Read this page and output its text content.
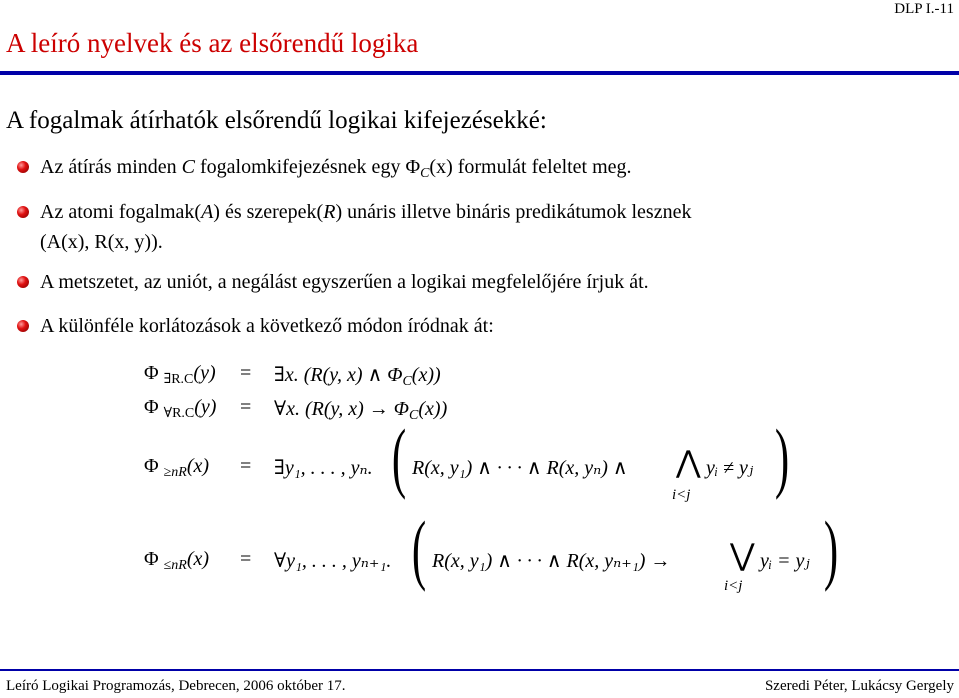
DLP I.-11
A leíró nyelvek és az elsőrendű logika
A fogalmak átírhatók elsőrendű logikai kifejezésekké:
Az átírás minden C fogalomkifejezésnek egy $\Phi_C(x)$ formulát feleltet meg.
Az atomi fogalmak(A) és szerepek(R) unáris illetve bináris predikátumok lesznek
(A(x), R(x, y)).
A metszetet, az uniót, a negálást egyszerűen a logikai megfelelőjére írjuk át.
A különféle korlátozások a következő módon íródnak át:
Φ $_{\exists R.C}$(y) = ∃x. (R(y, x) ∧ $\Phi_C(x)$)
Φ $_{\forall R.C}$(y) = ∀x. (R(y, $x) \to \Phi_C(x)$)
Φ $_{\ge nR}$(x) = ∃y₁, . . . , yₙ. ( R(x, y₁) ∧ · · · ∧ R(x, yₙ) ∧ ⋀
i<j
yᵢ ≠ yⱼ )
Φ $_{\le nR}$(x) = ∀y₁, . . . , yₙ₊₁. ( R(x, y₁) ∧ · · · ∧ R(x, yₙ₊₁) → ⋁
i<j
yᵢ = yⱼ )
Leíró Logikai Programozás, Debrecen, 2006 október 17.	Szeredi Péter, Lukácsy Gergely
